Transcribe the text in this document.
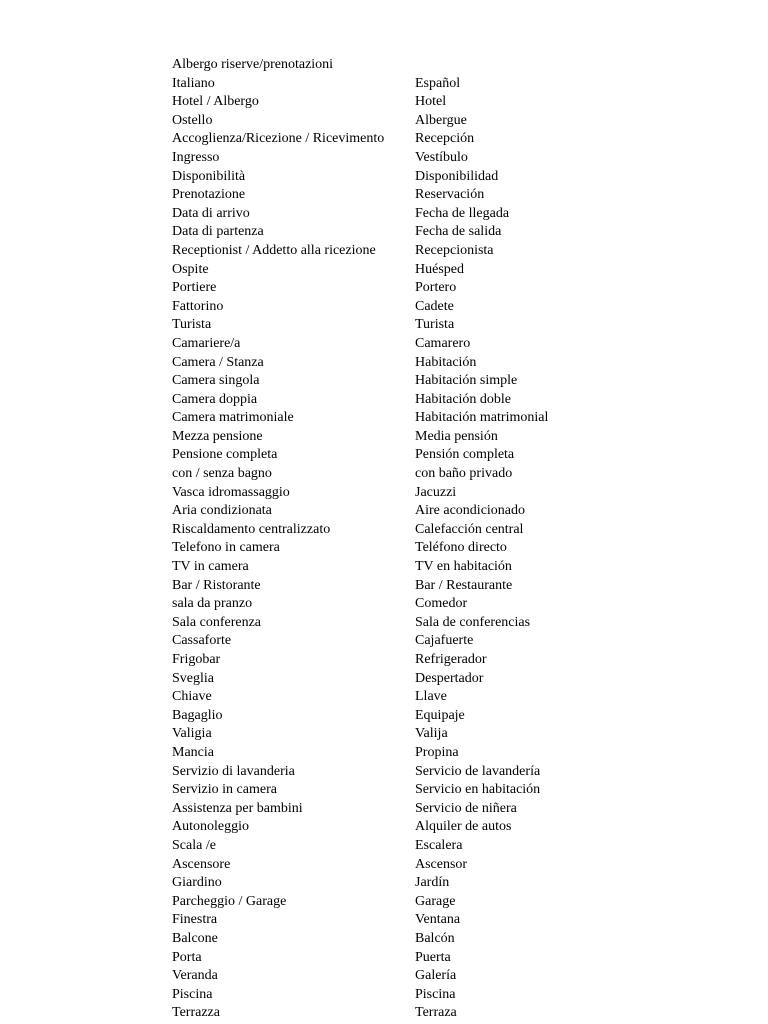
Albergo riserve/prenotazioni
Italiano	Español
Hotel / Albergo	Hotel
Ostello	Albergue
Accoglienza/Ricezione / Ricevimento	Recepción
Ingresso	Vestíbulo
Disponibilità	Disponibilidad
Prenotazione	Reservación
Data di arrivo	Fecha de llegada
Data di partenza	Fecha de salida
Receptionist / Addetto alla ricezione	Recepcionista
Ospite	Huésped
Portiere	Portero
Fattorino	Cadete
Turista	Turista
Camariere/a	Camarero
Camera / Stanza	Habitación
Camera singola	Habitación simple
Camera doppia	Habitación doble
Camera matrimoniale	Habitación matrimonial
Mezza pensione	Media pensión
Pensione completa	Pensión completa
con / senza bagno	con baño privado
Vasca idromassaggio	Jacuzzi
Aria condizionata	Aire acondicionado
Riscaldamento centralizzato	Calefacción central
Telefono in camera	Teléfono directo
TV in camera	TV en habitación
Bar / Ristorante	Bar / Restaurante
sala da pranzo	Comedor
Sala conferenza	Sala de conferencias
Cassaforte	Cajafuerte
Frigobar	Refrigerador
Sveglia	Despertador
Chiave	Llave
Bagaglio	Equipaje
Valigia	Valija
Mancia	Propina
Servizio di lavanderia	Servicio de lavandería
Servizio in camera	Servicio en habitación
Assistenza per bambini	Servicio de niñera
Autonoleggio	Alquiler de autos
Scala /e	Escalera
Ascensore	Ascensor
Giardino	Jardín
Parcheggio / Garage	Garage
Finestra	Ventana
Balcone	Balcón
Porta	Puerta
Veranda	Galería
Piscina	Piscina
Terrazza	Terraza
